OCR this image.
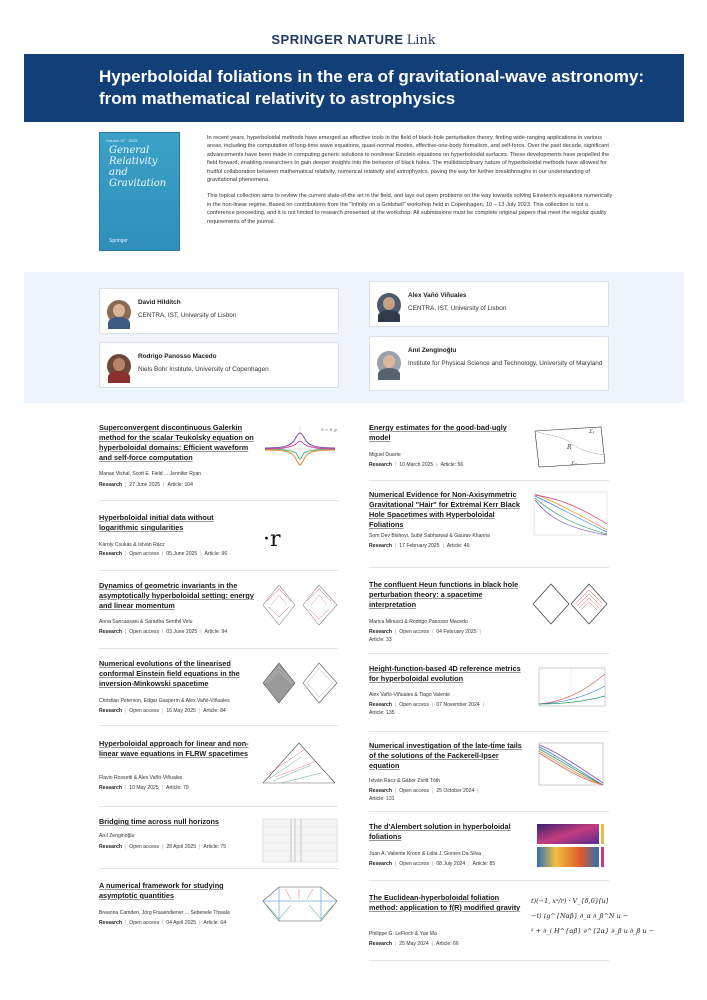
SPRINGER NATURE Link
Hyperboloidal foliations in the era of gravitational-wave astronomy: from mathematical relativity to astrophysics
Volume 57 · 2025
General Relativity and Gravitation
Springer

In recent years, hyperboloidal methods have emerged as effective tools in the field of black-hole perturbation theory, finding wide-ranging applications in various areas, including the computation of long-time wave equations, quasi-normal modes, effective-one-body formalism, and self-force. Over the past decade, significant advancements have been made in computing generic solutions to nonlinear Einstein equations on hyperboloidal surfaces. These developments have propelled the field forward, enabling researchers to gain deeper insights into the behavior of black holes. The multidisciplinary nature of hyperboloidal methods have allowed for fruitful collaboration between mathematical relativity, numerical relativity and astrophysics, paving the way for further breakthroughs in our understanding of gravitational phenomena.

This topical collection aims to review the current state-of-the art in the field, and lays out open problems on the way towards solving Einstein's equations numerically in the non-linear regime. Based on contributions from the "Infinity on a Gridshell" workshop held in Copenhagen, 10 – 13 July 2023. This collection is not a conference proceeding, and it is not limited to research presented at the workshop. All submissions must be complete original papers that meet the regular quality requirements of the journal.

David Hilditch
CENTRA, IST, University of Lisbon
Alex Vañó Viñuales
CENTRA, IST, University of Lisbon
Rodrigo Panosso Macedo
Niels Bohr Institute, University of Copenhagen
Anıl Zenginoğlu
Institute for Physical Science and Technology, University of Maryland
Superconvergent discontinuous Galerkin method for the scalar Teukolsky equation on hyperboloidal domains: Efficient waveform and self-force computation
Manas Vishal, Scott E. Field ... Jennifer Ryan
Research | 27 June 2025 | Article: 104
S = S_p
Hyperboloidal initial data without logarithmic singularities
Károly Csukás & István Rácz
Research | Open access | 05 June 2025 | Article: 96
·r
Dynamics of geometric invariants in the asymptotically hyperboloidal setting: energy and linear momentum
Anna Sancassani & Saradha Senthil Velu
Research | Open access | 03 June 2025 | Article: 94
Numerical evolutions of the linearised conformal Einstein field equations in the inversion-Minkowski spacetime
Christian Peterson, Edgar Gasperín & Alex Vañó-Viñuales
Research | Open access | 16 May 2025 | Article: 84
Hyperboloidal approach for linear and non-linear wave equations in FLRW spacetimes
Flavio Rossetti & Alex Vañó-Viñuales
Research | 10 May 2025 | Article: 79
Bridging time across null horizons
Anıl Zenginoğlu
Research | Open access | 28 April 2025 | Article: 75
A numerical framework for studying asymptotic quantities
Breanna Camden, Jörg Frauendiener ... Sebenele Thwala
Research | Open access | 04 April 2025 | Article: 64
Energy estimates for the good-bad-ugly model
Miguel Duarte
Research | 10 March 2025 | Article: 56
Σ₁
R
Σ₀
Numerical Evidence for Non-Axisymmetric Gravitational "Hair" for Extremal Kerr Black Hole Spacetimes with Hyperboloidal Foliations
Som Dev Bishoyi, Subir Sabharwal & Gaurav Khanna
Research | 17 February 2025 | Article: 46
The confluent Heun functions in black hole perturbation theory: a spacetime interpretation
Marica Minucci & Rodrigo Panosso Macedo
Research | Open access | 04 February 2025 |
Article: 33
Height-function-based 4D reference metrics for hyperboloidal evolution
Alex Vañó-Viñuales & Tiago Valente
Research | Open access | 07 November 2024 |
Article: 135
Numerical investigation of the late-time tails of the solutions of the Fackerell-Ipser equation
István Rácz & Gábor Zsolt Tóth
Research | Open access | 25 October 2024 |
Article: 131
The d'Alembert solution in hyperboloidal foliations
Juan A. Valiente Kroon & Lidia J. Gomes Da Silva
Research | Open access | 08 July 2024 | Article: 85
The Euclidean-hyperboloidal foliation method: application to f(R) modified gravity
Philippe G. LeFloch & Yue Ma
Research | 25 May 2024 | Article: 66
t)(−1, xᵃ/r) · V_{δ,0}[u]
−t) (g^{Nαβ} ∂_α ∂_β^N u −
² + ∂_i H^{αβ} ∂^{2α} ∂_β u ∂_β u −
